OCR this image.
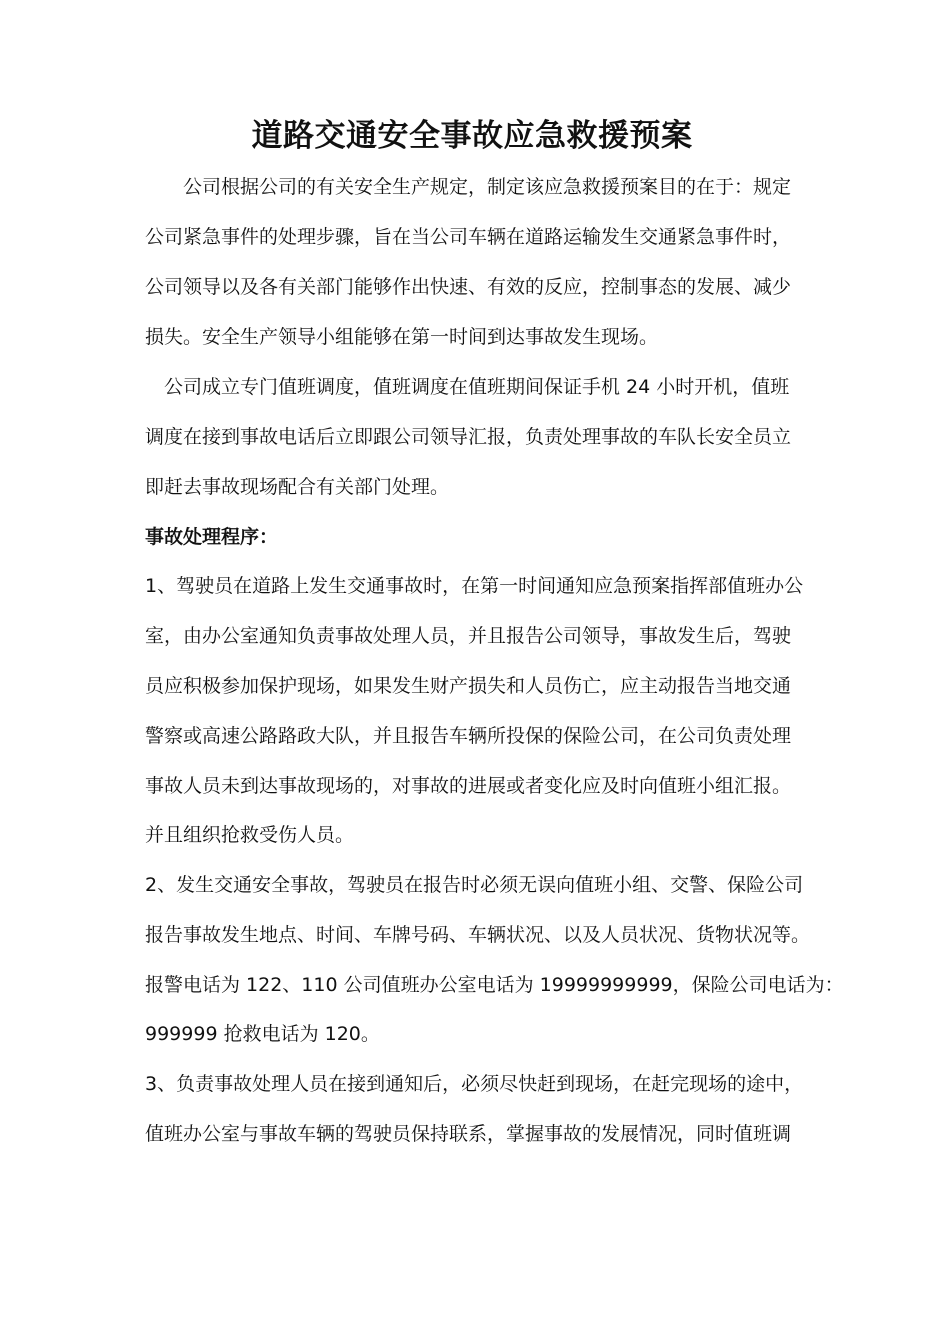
道路交通安全事故应急救援预案
　　公司根据公司的有关安全生产规定，制定该应急救援预案目的在于：规定
公司紧急事件的处理步骤，旨在当公司车辆在道路运输发生交通紧急事件时，
公司领导以及各有关部门能够作出快速、有效的反应，控制事态的发展、减少
损失。安全生产领导小组能够在第一时间到达事故发生现场。
　公司成立专门值班调度，值班调度在值班期间保证手机 24 小时开机，值班
调度在接到事故电话后立即跟公司领导汇报，负责处理事故的车队长安全员立
即赶去事故现场配合有关部门处理。
事故处理程序：
1、驾驶员在道路上发生交通事故时，在第一时间通知应急预案指挥部值班办公
室，由办公室通知负责事故处理人员，并且报告公司领导，事故发生后，驾驶
员应积极参加保护现场，如果发生财产损失和人员伤亡，应主动报告当地交通
警察或高速公路路政大队，并且报告车辆所投保的保险公司，在公司负责处理
事故人员未到达事故现场的，对事故的进展或者变化应及时向值班小组汇报。
并且组织抢救受伤人员。
2、发生交通安全事故，驾驶员在报告时必须无误向值班小组、交警、保险公司
报告事故发生地点、时间、车牌号码、车辆状况、以及人员状况、货物状况等。
报警电话为 122、110 公司值班办公室电话为 19999999999，保险公司电话为：
999999 抢救电话为 120。
3、负责事故处理人员在接到通知后，必须尽快赶到现场，在赶完现场的途中，
值班办公室与事故车辆的驾驶员保持联系，掌握事故的发展情况，同时值班调
